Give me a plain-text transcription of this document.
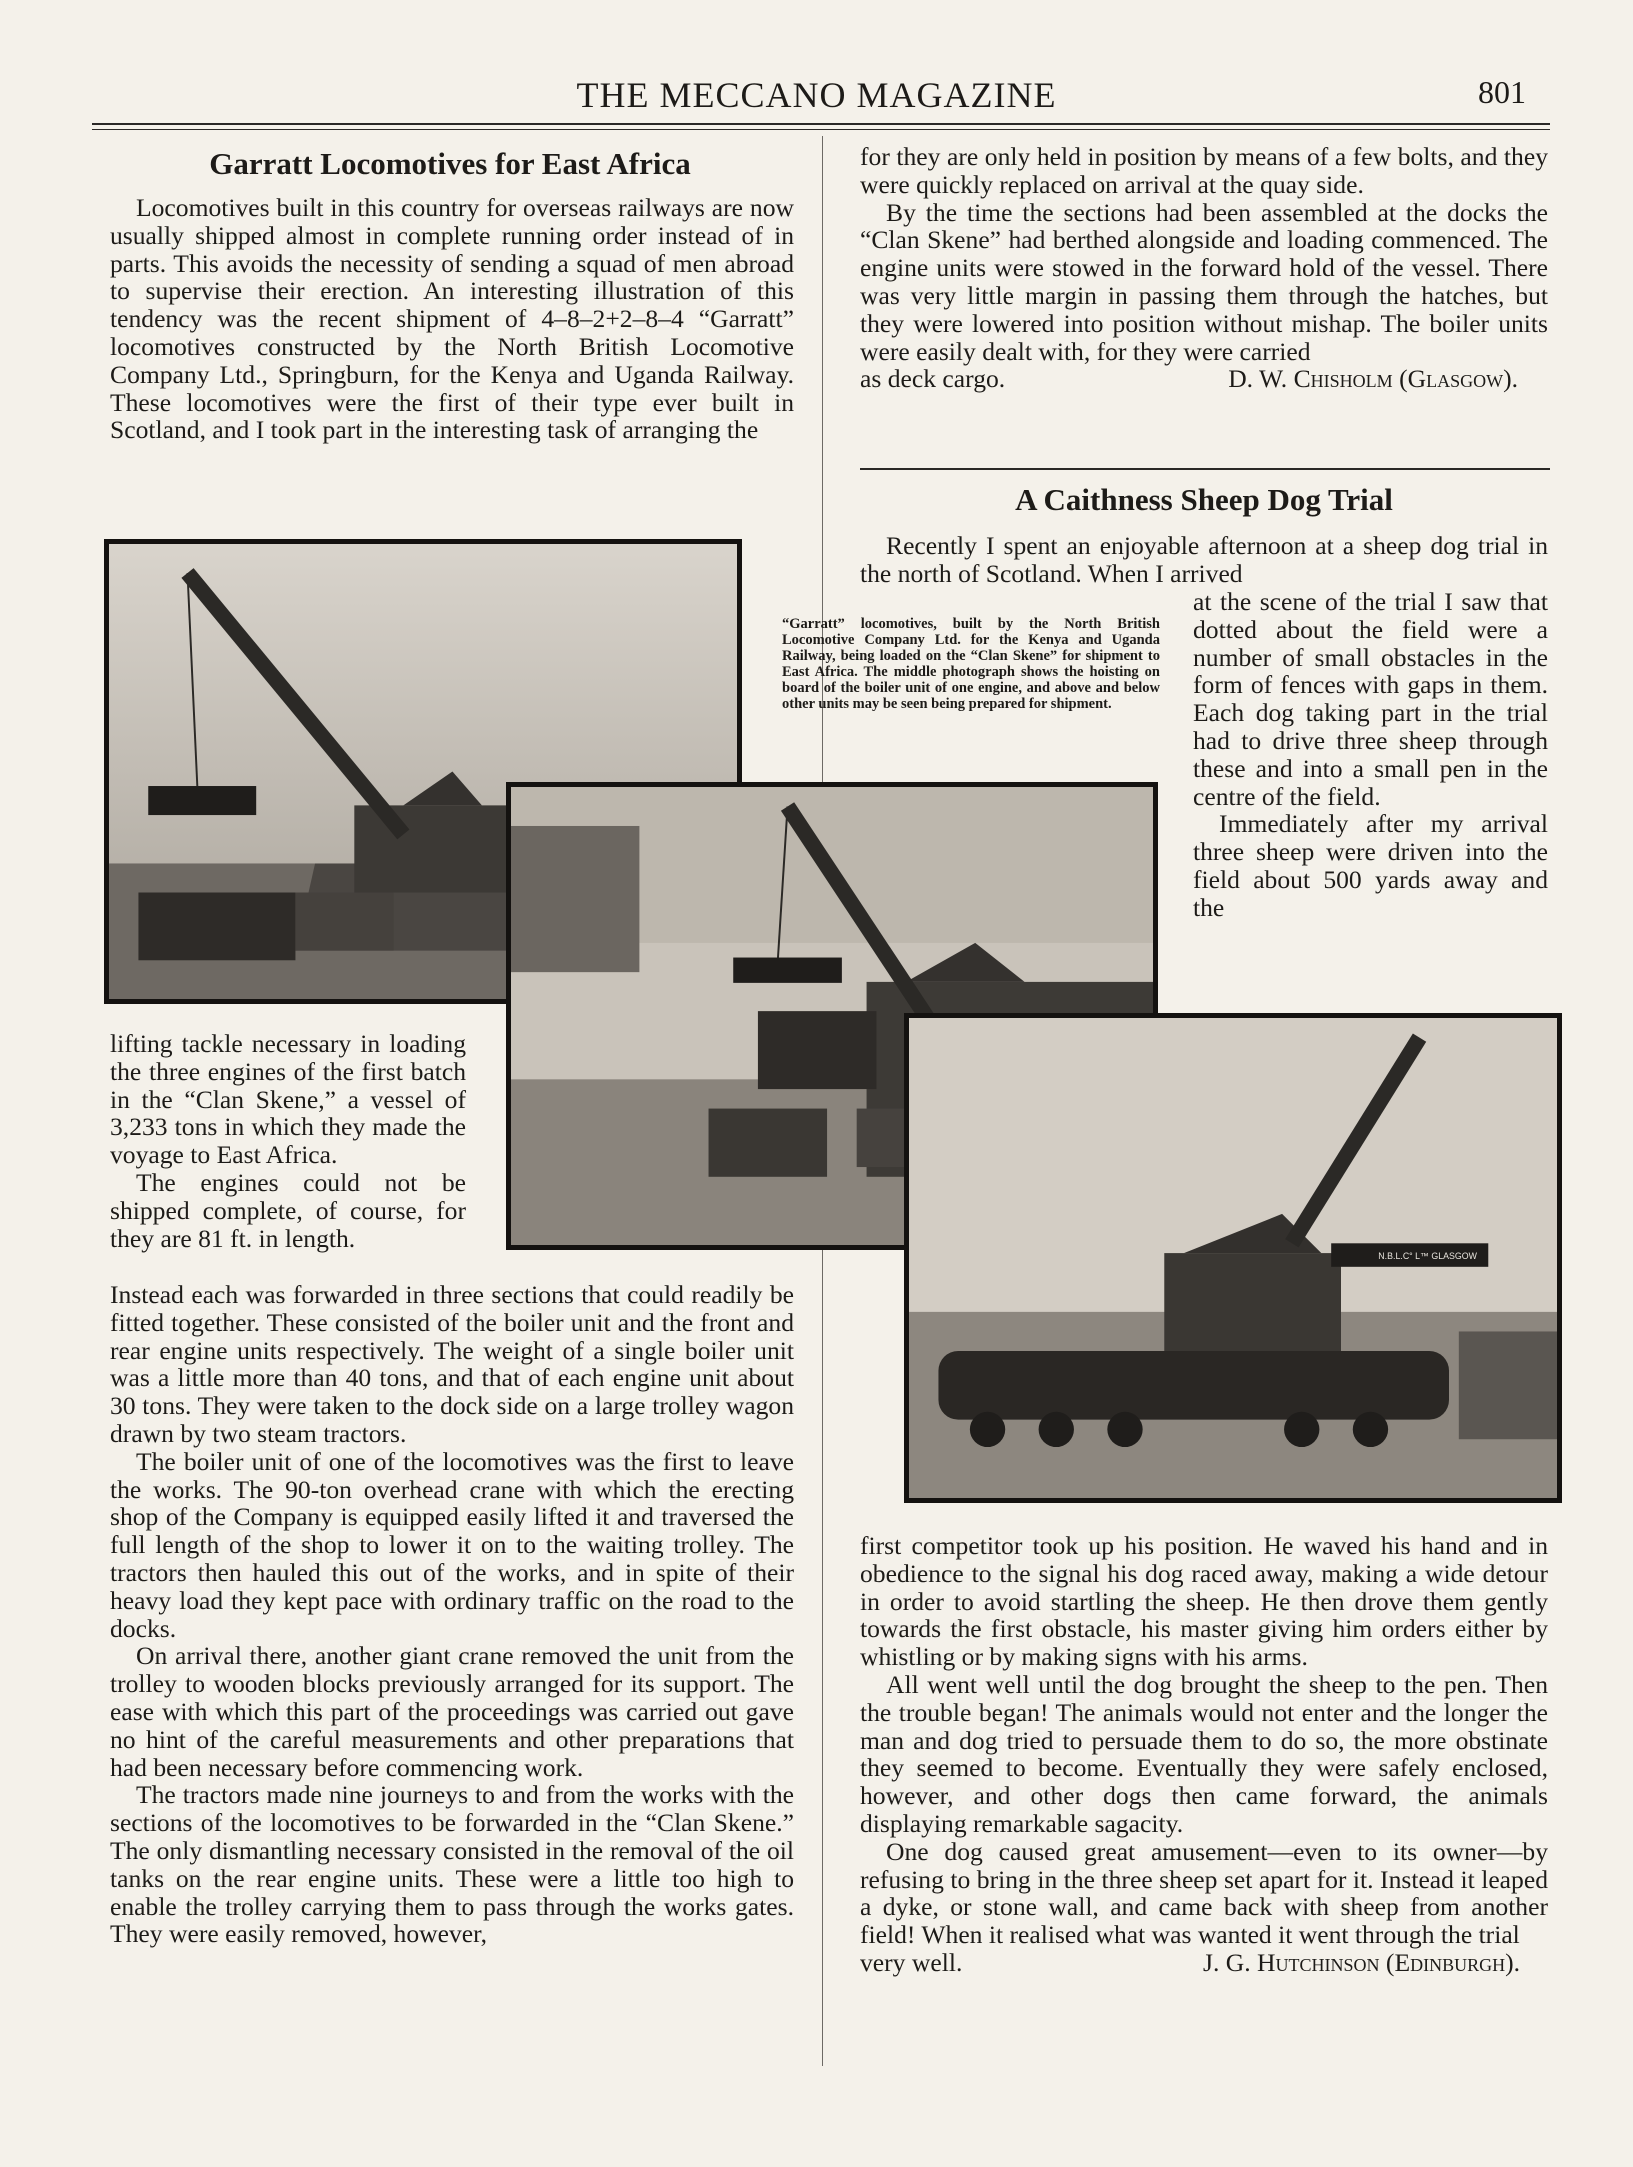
THE MECCANO MAGAZINE	801
Garratt Locomotives for East Africa

Locomotives built in this country for overseas railways are now usually shipped almost in complete running order instead of in parts. This avoids the necessity of sending a squad of men abroad to supervise their erection. An interesting illustration of this tendency was the recent shipment of 4–8–2+2–8–4 “Garratt” locomotives constructed by the North British Locomotive Company Ltd., Springburn, for the Kenya and Uganda Railway. These locomotives were the first of their type ever built in Scotland, and I took part in the interesting task of arranging the

lifting tackle necessary in loading the three engines of the first batch in the “Clan Skene,” a vessel of 3,233 tons in which they made the voyage to East Africa.

The engines could not be shipped complete, of course, for they are 81 ft. in length.

Instead each was forwarded in three sections that could readily be fitted together. These consisted of the boiler unit and the front and rear engine units respectively. The weight of a single boiler unit was a little more than 40 tons, and that of each engine unit about 30 tons. They were taken to the dock side on a large trolley wagon drawn by two steam tractors.

The boiler unit of one of the locomotives was the first to leave the works. The 90-ton overhead crane with which the erecting shop of the Company is equipped easily lifted it and traversed the full length of the shop to lower it on to the waiting trolley. The tractors then hauled this out of the works, and in spite of their heavy load they kept pace with ordinary traffic on the road to the docks.

On arrival there, another giant crane removed the unit from the trolley to wooden blocks previously arranged for its support. The ease with which this part of the proceedings was carried out gave no hint of the careful measurements and other preparations that had been necessary before commencing work.

The tractors made nine journeys to and from the works with the sections of the locomotives to be forwarded in the “Clan Skene.” The only dismantling necessary consisted in the removal of the oil tanks on the rear engine units. These were a little too high to enable the trolley carrying them to pass through the works gates. They were easily removed, however,

for they are only held in position by means of a few bolts, and they were quickly replaced on arrival at the quay side.

By the time the sections had been assembled at the docks the “Clan Skene” had berthed alongside and loading commenced. The engine units were stowed in the forward hold of the vessel. There was very little margin in passing them through the hatches, but they were lowered into position without mishap. The boiler units were easily dealt with, for they were carried

as deck cargo.	D. W. Chisholm (Glasgow).
A Caithness Sheep Dog Trial

Recently I spent an enjoyable afternoon at a sheep dog trial in the north of Scotland. When I arrived

at the scene of the trial I saw that dotted about the field were a number of small obstacles in the form of fences with gaps in them. Each dog taking part in the trial had to drive three sheep through these and into a small pen in the centre of the field.

Immediately after my arrival three sheep were driven into the field about 500 yards away and the

first competitor took up his position. He waved his hand and in obedience to the signal his dog raced away, making a wide detour in order to avoid startling the sheep. He then drove them gently towards the first obstacle, his master giving him orders either by whistling or by making signs with his arms.

All went well until the dog brought the sheep to the pen. Then the trouble began! The animals would not enter and the longer the man and dog tried to persuade them to do so, the more obstinate they seemed to become. Eventually they were safely enclosed, however, and other dogs then came forward, the animals displaying remarkable sagacity.

One dog caused great amusement—even to its owner—by refusing to bring in the three sheep set apart for it. Instead it leaped a dyke, or stone wall, and came back with sheep from another field! When it realised what was wanted it went through the trial

very well.	J. G. Hutchinson (Edinburgh).
“Garratt” locomotives, built by the North British Locomotive Company Ltd. for the Kenya and Uganda Railway, being loaded on the “Clan Skene” for shipment to East Africa. The middle photograph shows the hoisting on board of the boiler unit of one engine, and above and below other units may be seen being prepared for shipment.
N.B.L.C° L™ GLASGOW
